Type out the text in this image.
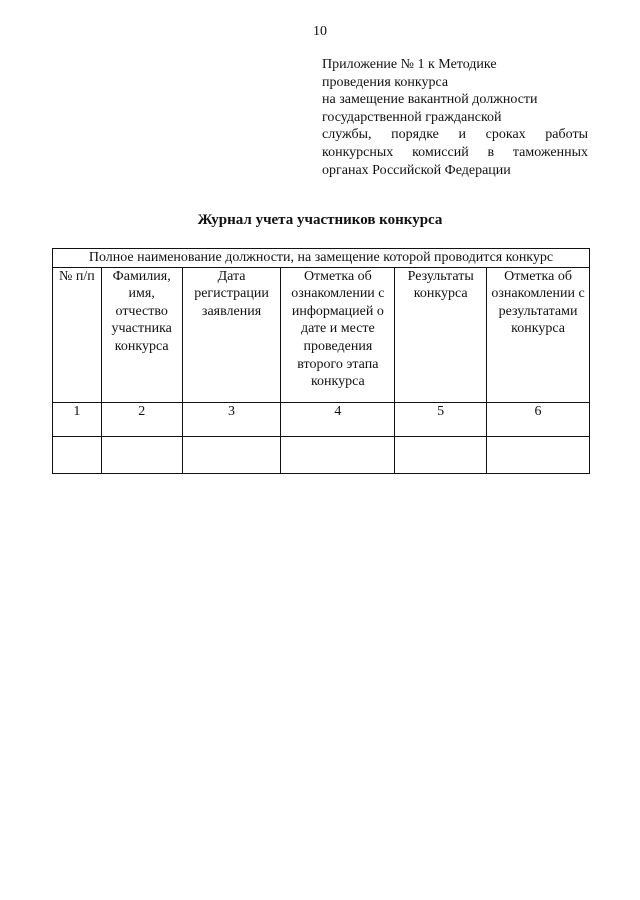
10
Приложение № 1 к Методике
проведения конкурса
на замещение вакантной должности
государственной гражданской
службы, порядке и сроках работы
конкурсных комиссий в таможенных
органах Российской Федерации
Журнал учета участников конкурса
Полное наименование должности, на замещение которой проводится конкурс					
№ п/п	Фамилия, имя, отчество участника конкурса	Дата регистрации заявления	Отметка об ознакомлении с информацией о дате и месте проведения второго этапа конкурса	Результаты конкурса	Отметка об ознакомлении с результатами конкурса
1	2	3	4	5	6
